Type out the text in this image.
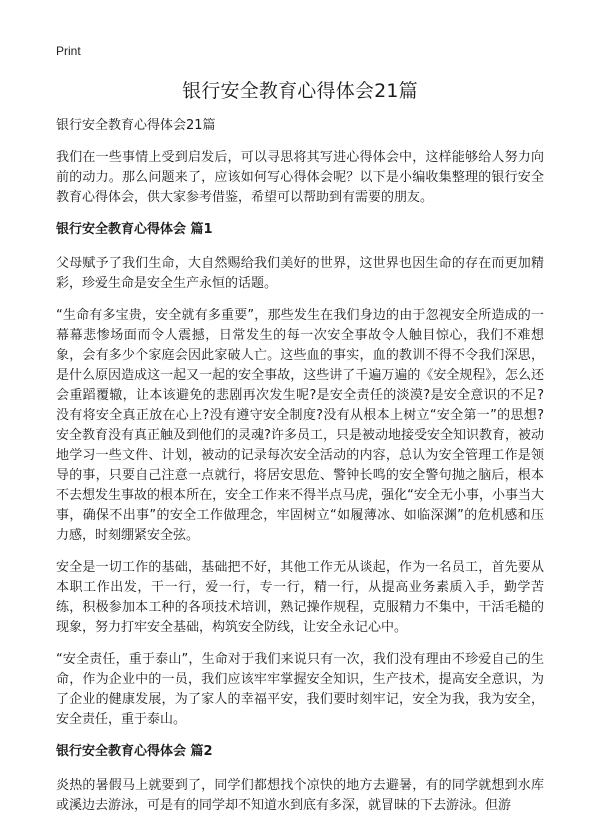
Print
银行安全教育心得体会21篇

银行安全教育心得体会21篇

我们在一些事情上受到启发后，可以寻思将其写进心得体会中，这样能够给人努力向前的动力。那么问题来了，应该如何写心得体会呢？以下是小编收集整理的银行安全教育心得体会，供大家参考借鉴，希望可以帮助到有需要的朋友。

银行安全教育心得体会 篇1

父母赋予了我们生命，大自然赐给我们美好的世界，这世界也因生命的存在而更加精彩，珍爱生命是安全生产永恒的话题。

“生命有多宝贵，安全就有多重要”，那些发生在我们身边的由于忽视安全所造成的一幕幕悲惨场面而令人震撼，日常发生的每一次安全事故令人触目惊心，我们不难想象，会有多少个家庭会因此家破人亡。这些血的事实，血的教训不得不令我们深思，是什么原因造成这一起又一起的安全事故，这些讲了千遍万遍的《安全规程》，怎么还会重蹈覆辙，让本该避免的悲剧再次发生呢?是安全责任的淡漠?是安全意识的不足?没有将安全真正放在心上?没有遵守安全制度?没有从根本上树立“安全第一”的思想?安全教育没有真正触及到他们的灵魂?许多员工，只是被动地接受安全知识教育，被动地学习一些文件、计划，被动的记录每次安全活动的内容，总认为安全管理工作是领导的事，只要自己注意一点就行，将居安思危、警钟长鸣的安全警句抛之脑后，根本不去想发生事故的根本所在，安全工作来不得半点马虎，强化“安全无小事，小事当大事，确保不出事”的安全工作做理念，牢固树立“如履薄冰、如临深渊”的危机感和压力感，时刻绷紧安全弦。

安全是一切工作的基础，基础把不好，其他工作无从谈起，作为一名员工，首先要从本职工作出发，干一行，爱一行，专一行，精一行，从提高业务素质入手，勤学苦练，积极参加本工种的各项技术培训，熟记操作规程，克服精力不集中，干活毛糙的现象，努力打牢安全基础，构筑安全防线，让安全永记心中。

“安全责任，重于泰山”，生命对于我们来说只有一次，我们没有理由不珍爱自己的生命，作为企业中的一员，我们应该牢牢掌握安全知识，生产技术，提高安全意识，为了企业的健康发展，为了家人的幸福平安，我们要时刻牢记，安全为我，我为安全，安全责任，重于泰山。

银行安全教育心得体会 篇2

炎热的暑假马上就要到了，同学们都想找个凉快的地方去避暑，有的同学就想到水库或溪边去游泳，可是有的同学却不知道水到底有多深，就冒昧的下去游泳。但游
